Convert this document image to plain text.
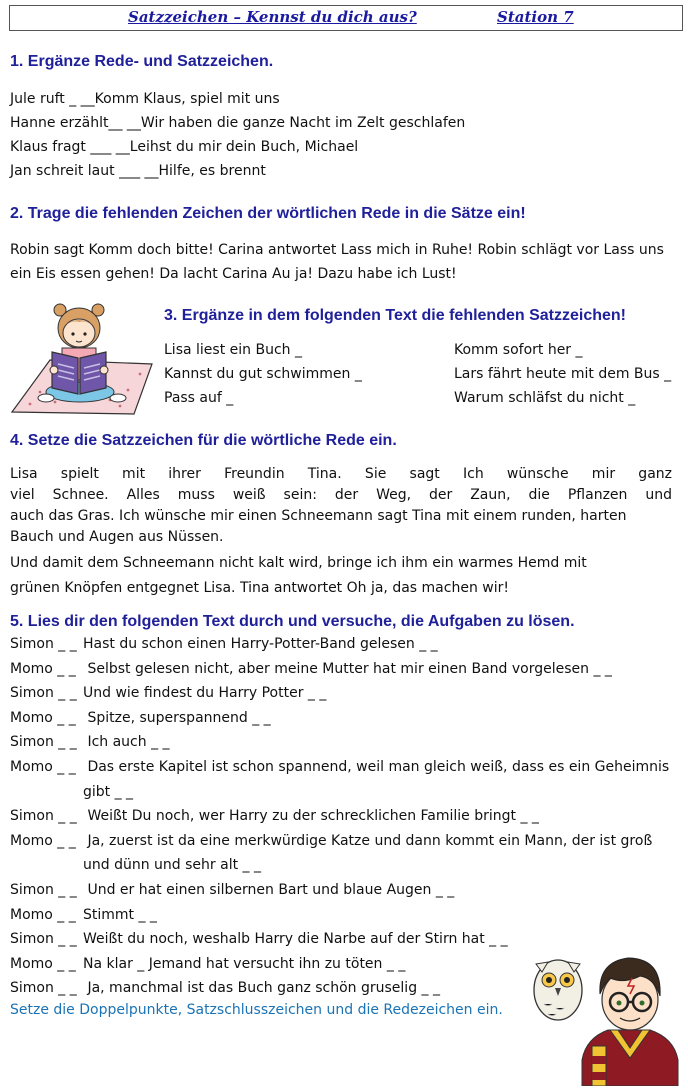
Satzzeichen – Kennst du dich aus?	Station 7
1. Ergänze Rede- und Satzzeichen.
Jule ruft _ __Komm Klaus, spiel mit uns
Hanne erzählt__ __Wir haben die ganze Nacht im Zelt geschlafen
Klaus fragt ___ __Leihst du mir dein Buch, Michael
Jan schreit laut ___ __Hilfe, es brennt
2. Trage die fehlenden Zeichen der wörtlichen Rede in die Sätze ein!
Robin sagt Komm doch bitte! Carina antwortet Lass mich in Ruhe! Robin schlägt vor Lass uns
ein Eis essen gehen! Da lacht Carina Au ja! Dazu habe ich Lust!
3. Ergänze in dem folgenden Text die fehlenden Satzzeichen!
Lisa liest ein Buch _
Kannst du gut schwimmen _
Pass auf _
Komm sofort her _
Lars fährt heute mit dem Bus _
Warum schläfst du nicht _
4. Setze die Satzzeichen für die wörtliche Rede ein.
Lisa spielt mit ihrer Freundin Tina. Sie sagt Ich wünsche mir ganz
viel Schnee. Alles muss weiß sein: der Weg, der Zaun, die Pflanzen und
auch das Gras. Ich wünsche mir einen Schneemann sagt Tina mit einem runden, harten
Bauch und Augen aus Nüssen.
Und damit dem Schneemann nicht kalt wird, bringe ich ihm ein warmes Hemd mit
grünen Knöpfen entgegnet Lisa. Tina antwortet Oh ja, das machen wir!
5. Lies dir den folgenden Text durch und versuche, die Aufgaben zu lösen.
Simon _ _ Hast du schon einen Harry-Potter-Band gelesen _ _
Momo _ _ Selbst gelesen nicht, aber meine Mutter hat mir einen Band vorgelesen _ _
Simon _ _ Und wie findest du Harry Potter _ _
Momo _ _ Spitze, superspannend _ _
Simon _ _ Ich auch _ _
Momo _ _ Das erste Kapitel ist schon spannend, weil man gleich weiß, dass es ein Geheimnis
gibt _ _
Simon _ _ Weißt Du noch, wer Harry zu der schrecklichen Familie bringt _ _
Momo _ _ Ja, zuerst ist da eine merkwürdige Katze und dann kommt ein Mann, der ist groß
und dünn und sehr alt _ _
Simon _ _ Und er hat einen silbernen Bart und blaue Augen _ _
Momo _ _ Stimmt _ _
Simon _ _ Weißt du noch, weshalb Harry die Narbe auf der Stirn hat _ _
Momo _ _ Na klar _ Jemand hat versucht ihn zu töten _ _
Simon _ _ Ja, manchmal ist das Buch ganz schön gruselig _ _
Setze die Doppelpunkte, Satzschlusszeichen und die Redezeichen ein.
